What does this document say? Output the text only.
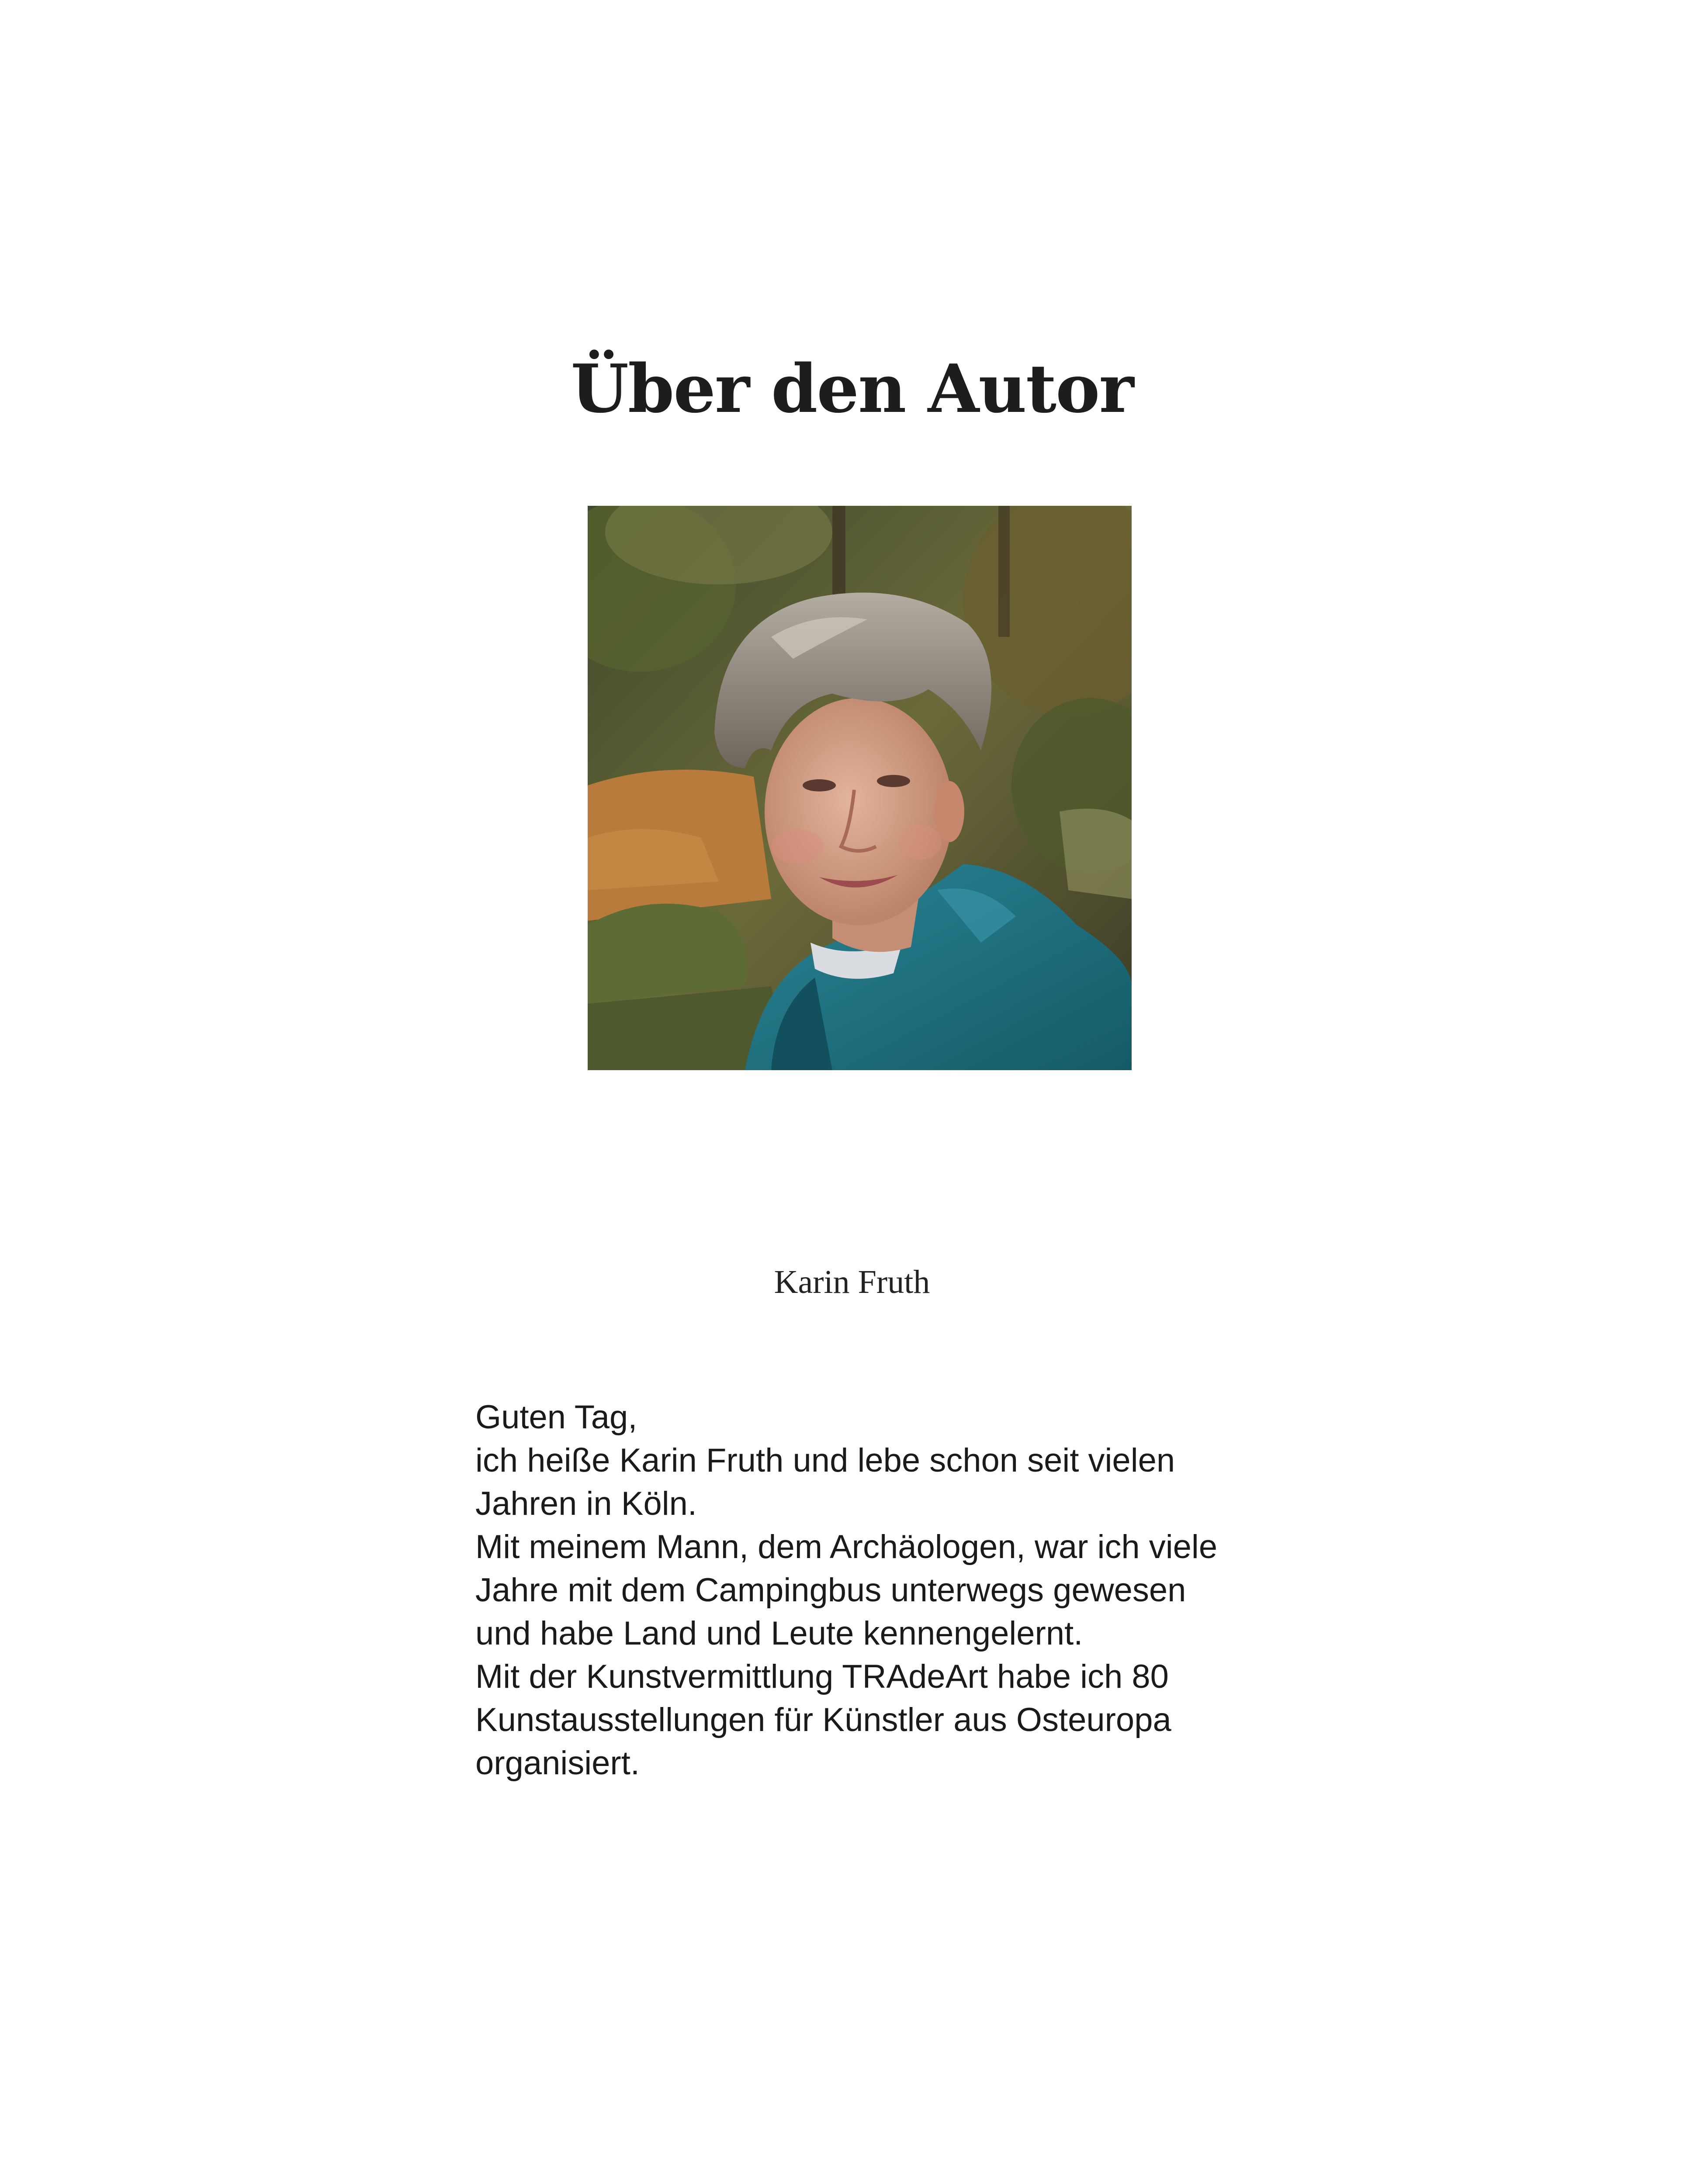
Über den Autor
Karin Fruth
Guten Tag,
ich heiße Karin Fruth und lebe schon seit vielen
Jahren in Köln.
Mit meinem Mann, dem Archäologen, war ich viele
Jahre mit dem Campingbus unterwegs gewesen
und habe Land und Leute kennengelernt.
Mit der Kunstvermittlung TRAdeArt habe ich 80
Kunstausstellungen für Künstler aus Osteuropa
organisiert.
